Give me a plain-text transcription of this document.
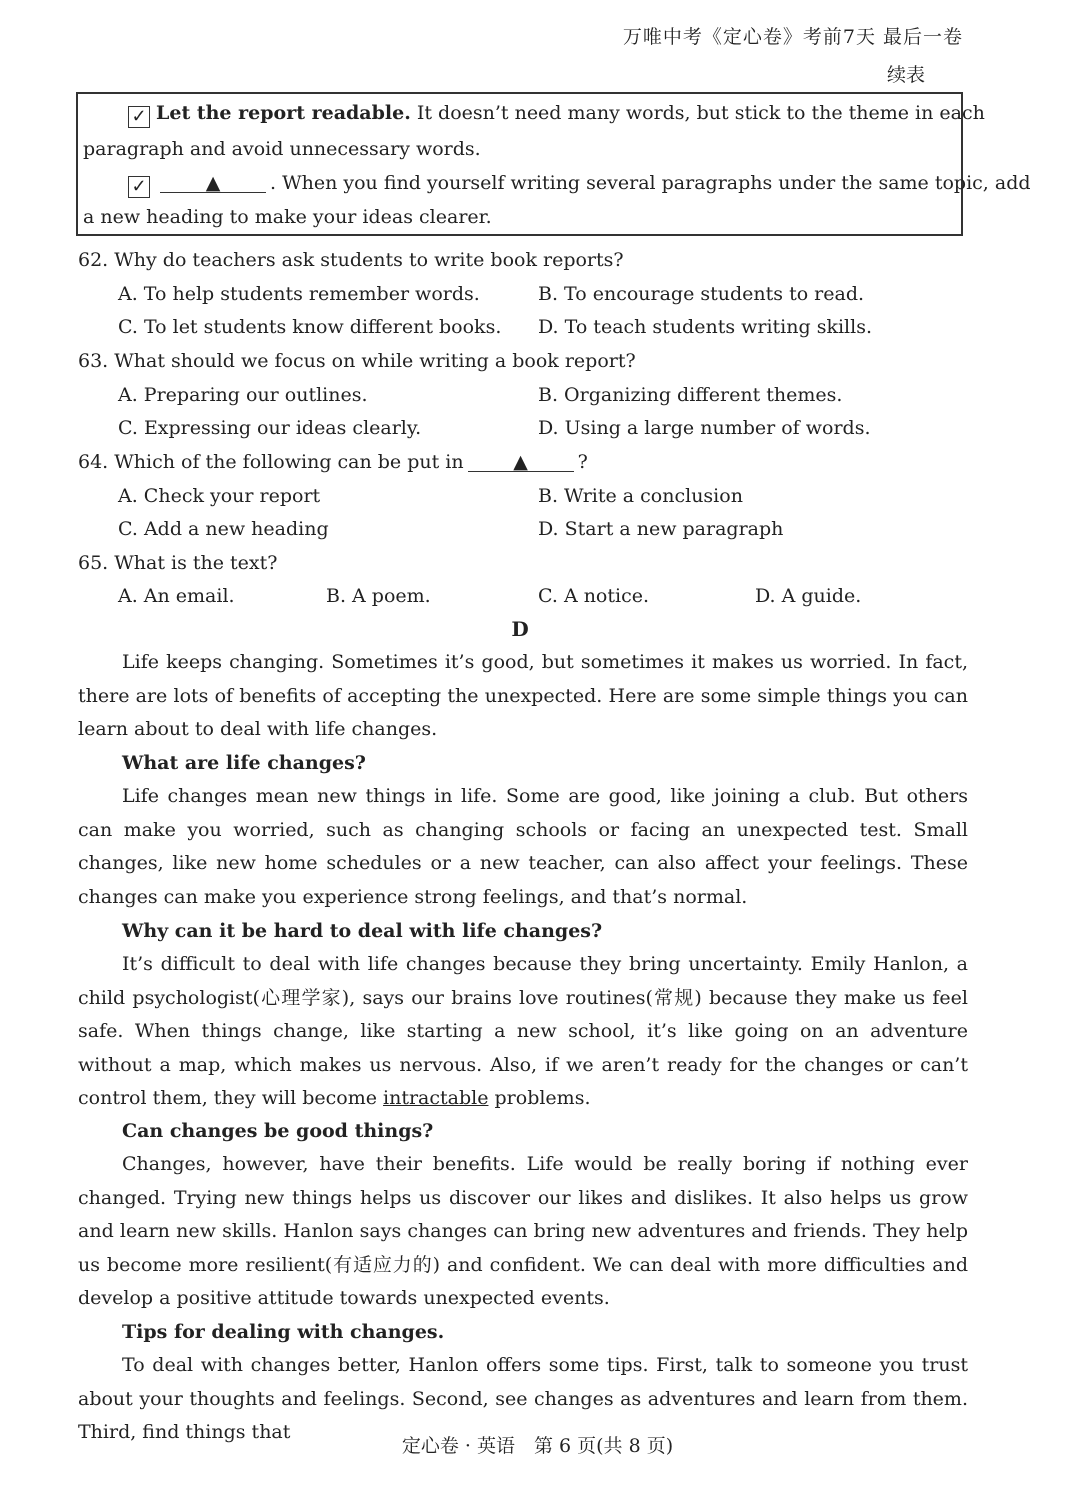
万唯中考《定心卷》考前7天 最后一卷
续表
✓ Let the report readable. It doesn’t need many words, but stick to the theme in each
paragraph and avoid unnecessary words.
✓	▲	. When you find yourself writing several paragraphs under the same topic, add
a new heading to make your ideas clearer.
62. Why do teachers ask students to write book reports?
A. To help students remember words.	B. To encourage students to read.
C. To let students know different books. D. To teach students writing skills.
63. What should we focus on while writing a book report?
A. Preparing our outlines.	B. Organizing different themes.
C. Expressing our ideas clearly.	D. Using a large number of words.
64. Which of the following can be put in	▲	?
A. Check your report	B. Write a conclusion
C. Add a new heading	D. Start a new paragraph
65. What is the text?
A. An email.	B. A poem.	C. A notice.	D. A guide.
D

Life keeps changing. Sometimes it’s good, but sometimes it makes us worried. In fact, there are lots of benefits of accepting the unexpected. Here are some simple things you can learn about to deal with life changes.

What are life changes?

Life changes mean new things in life. Some are good, like joining a club. But others can make you worried, such as changing schools or facing an unexpected test. Small changes, like new home schedules or a new teacher, can also affect your feelings. These changes can make you experience strong feelings, and that’s normal.

Why can it be hard to deal with life changes?

It’s difficult to deal with life changes because they bring uncertainty. Emily Hanlon, a child psychologist(心理学家), says our brains love routines(常规) because they make us feel safe. When things change, like starting a new school, it’s like going on an adventure without a map, which makes us nervous. Also, if we aren’t ready for the changes or can’t control them, they will become intractable problems.

Can changes be good things?

Changes, however, have their benefits. Life would be really boring if nothing ever changed. Trying new things helps us discover our likes and dislikes. It also helps us grow and learn new skills. Hanlon says changes can bring new adventures and friends. They help us become more resilient(有适应力的) and confident. We can deal with more difficulties and develop a positive attitude towards unexpected events.

Tips for dealing with changes.

To deal with changes better, Hanlon offers some tips. First, talk to someone you trust about your thoughts and feelings. Second, see changes as adventures and learn from them. Third, find things that

定心卷 · 英语　第 6 页(共 8 页)
